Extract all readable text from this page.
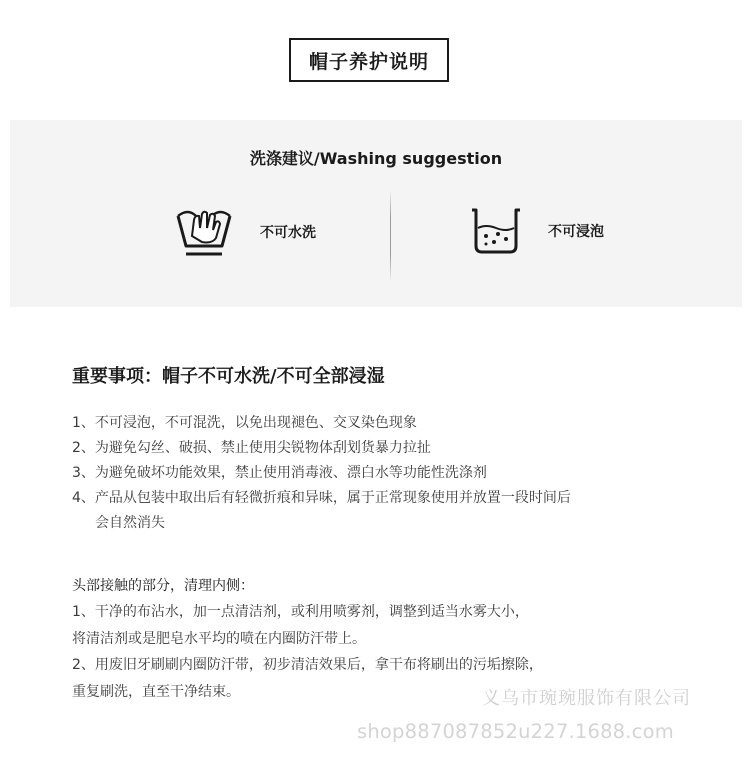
帽子养护说明
洗涤建议/Washing suggestion
不可水洗	不可浸泡
重要事项：帽子不可水洗/不可全部浸湿
1、不可浸泡，不可混洗，以免出现褪色、交叉染色现象
2、为避免勾丝、破损、禁止使用尖锐物体刮划货暴力拉扯
3、为避免破坏功能效果，禁止使用消毒液、漂白水等功能性洗涤剂
4、产品从包装中取出后有轻微折痕和异味，属于正常现象使用并放置一段时间后
会自然消失
头部接触的部分，清理内侧：
1、干净的布沾水，加一点清洁剂，或利用喷雾剂，调整到适当水雾大小，
将清洁剂或是肥皂水平均的喷在内圈防汗带上。
2、用废旧牙刷刷内圈防汗带，初步清洁效果后，拿干布将刷出的污垢擦除，
重复刷洗，直至干净结束。	义乌市琬琬服饰有限公司
shop887087852u227.1688.com
